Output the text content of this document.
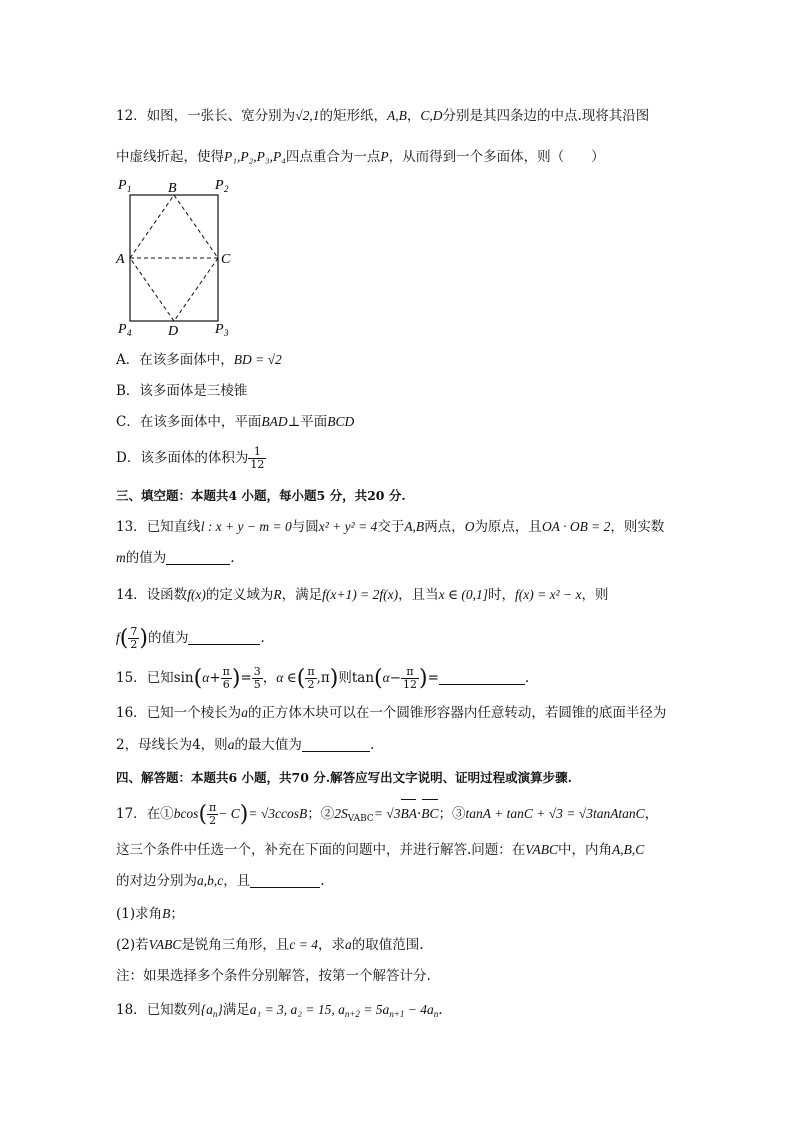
12．如图，一张长、宽分别为√2,1的矩形纸，A,B，C,D分别是其四条边的中点.现将其沿图
中虚线折起，使得P₁,P₂,P₃,P₄四点重合为一点P，从而得到一个多面体，则（　　）
P 1	B	P 2
A	C
P 4	D	P 3
A．在该多面体中，BD = √2
B．该多面体是三棱锥
C．在该多面体中，平面BAD⊥平面BCD
D．该多面体的体积为 $\frac{1}{12}$
三、填空题：本题共4 小题，每小题5 分，共20 分.
13．已知直线l : x + y − m = 0与圆x² + y² = 4交于A,B两点，O为原点，且OA · OB = 2，则实数
m的值为	.
14．设函数f(x)的定义域为R，满足f(x+1) = 2f(x)，且当x ∈ (0,1]时，f(x) = x² − x，则
$f( \frac{7}{2}$ )的值为	.
15．已知$\sin(\alpha+ \frac{\pi}{6}$ )= $\frac{3}{5}$ ，α ∈( $\frac{\pi}{2} ,\pi$)则$\tan(\alpha- \frac{\pi}{12}$ )=	.
16．已知一个棱长为a的正方体木块可以在一个圆锥形容器内任意转动，若圆锥的底面半径为
2，母线长为4，则a的最大值为	.
四、解答题：本题共6 小题，共70 分.解答应写出文字说明、证明过程或演算步骤.
17．在①bcos( $\frac{\pi}{2} - C)= √3ccosB$；$②2S_{VABC}= √3BA\cdot BC$；③tanA + tanC + √3 = √3tanAtanC，
这三个条件中任选一个，补充在下面的问题中，并进行解答.问题：在VABC中，内角A,B,C
的对边分别为a,b,c，且	.
(1)求角B；
(2)若VABC是锐角三角形，且c = 4，求a的取值范围.
注：如果选择多个条件分别解答，按第一个解答计分.
18．已知数列$\{a_n\}$满足a₁ = 3, a₂ = 15, $a_{n+2} = 5a_{n+1} - 4a_n$.
